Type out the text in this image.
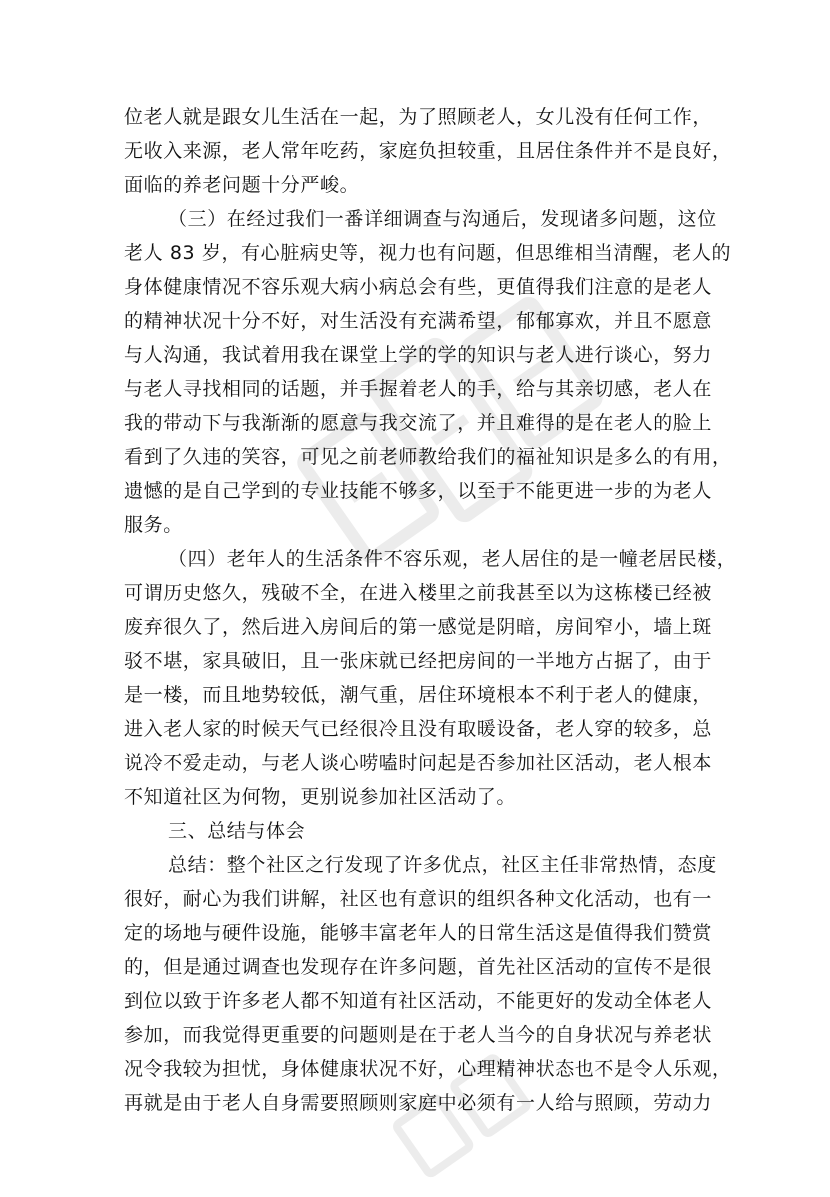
位老人就是跟女儿生活在一起，为了照顾老人，女儿没有任何工作，
无收入来源，老人常年吃药，家庭负担较重，且居住条件并不是良好，
面临的养老问题十分严峻。
（三）在经过我们一番详细调查与沟通后，发现诸多问题，这位
老人 83 岁，有心脏病史等，视力也有问题，但思维相当清醒，老人的
身体健康情况不容乐观大病小病总会有些，更值得我们注意的是老人
的精神状况十分不好，对生活没有充满希望，郁郁寡欢，并且不愿意
与人沟通，我试着用我在课堂上学的学的知识与老人进行谈心，努力
与老人寻找相同的话题，并手握着老人的手，给与其亲切感，老人在
我的带动下与我渐渐的愿意与我交流了，并且难得的是在老人的脸上
看到了久违的笑容，可见之前老师教给我们的福祉知识是多么的有用，
遗憾的是自己学到的专业技能不够多，以至于不能更进一步的为老人
服务。
（四）老年人的生活条件不容乐观，老人居住的是一幢老居民楼，
可谓历史悠久，残破不全，在进入楼里之前我甚至以为这栋楼已经被
废弃很久了，然后进入房间后的第一感觉是阴暗，房间窄小，墙上斑
驳不堪，家具破旧，且一张床就已经把房间的一半地方占据了，由于
是一楼，而且地势较低，潮气重，居住环境根本不利于老人的健康，
进入老人家的时候天气已经很冷且没有取暖设备，老人穿的较多，总
说冷不爱走动，与老人谈心唠嗑时问起是否参加社区活动，老人根本
不知道社区为何物，更别说参加社区活动了。
三、总结与体会
总结：整个社区之行发现了许多优点，社区主任非常热情，态度
很好，耐心为我们讲解，社区也有意识的组织各种文化活动，也有一
定的场地与硬件设施，能够丰富老年人的日常生活这是值得我们赞赏
的，但是通过调查也发现存在许多问题，首先社区活动的宣传不是很
到位以致于许多老人都不知道有社区活动，不能更好的发动全体老人
参加，而我觉得更重要的问题则是在于老人当今的自身状况与养老状
况令我较为担忧，身体健康状况不好，心理精神状态也不是令人乐观，
再就是由于老人自身需要照顾则家庭中必须有一人给与照顾，劳动力
